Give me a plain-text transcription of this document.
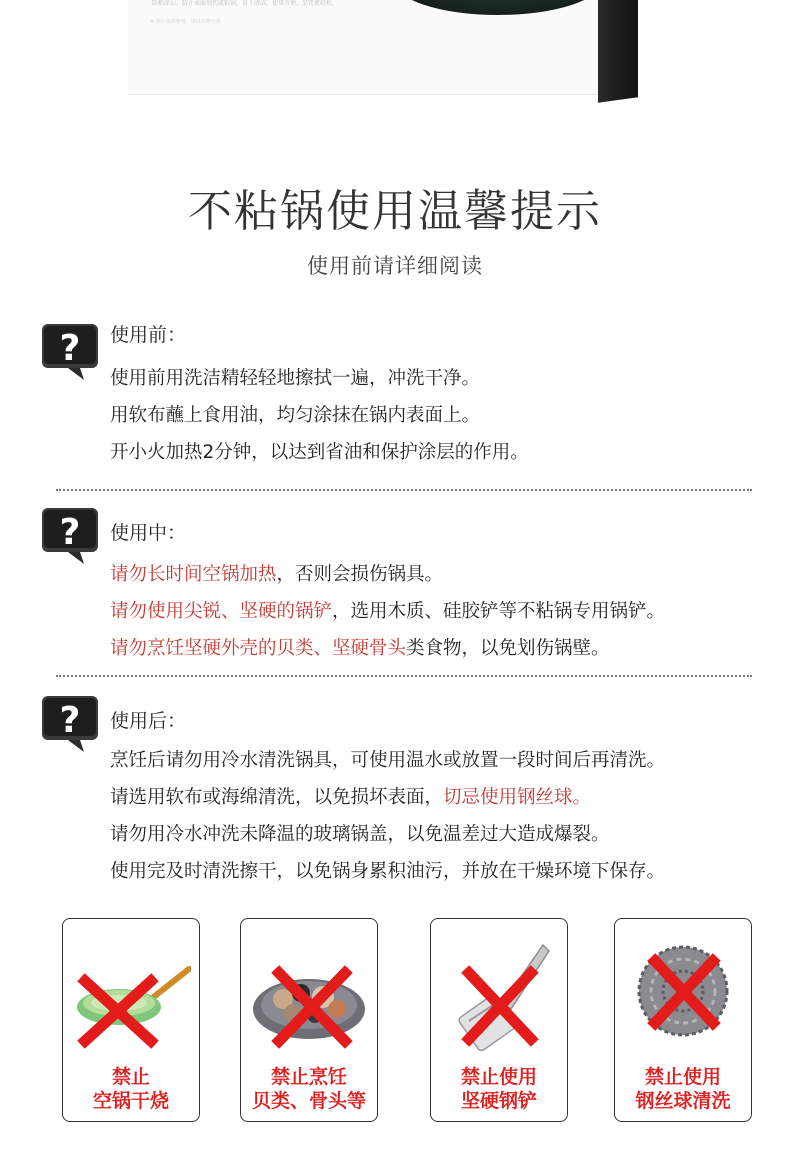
防粘涂层，防止表面划伤或粘锅，易于清洁，使用方便，烹饪更轻松。
※ 图片仅供参考，请以实物为准
不粘锅使用温馨提示
使用前请详细阅读
? 使用前：
使用前用洗洁精轻轻地擦拭一遍，冲洗干净。
用软布蘸上食用油，均匀涂抹在锅内表面上。
开小火加热2分钟，以达到省油和保护涂层的作用。
? 使用中：
请勿长时间空锅加热，否则会损伤锅具。
请勿使用尖锐、坚硬的锅铲，选用木质、硅胶铲等不粘锅专用锅铲。
请勿烹饪坚硬外壳的贝类、坚硬骨头类食物，以免划伤锅壁。
? 使用后：
烹饪后请勿用冷水清洗锅具，可使用温水或放置一段时间后再清洗。
请选用软布或海绵清洗，以免损坏表面，切忌使用钢丝球。
请勿用冷水冲洗未降温的玻璃锅盖，以免温差过大造成爆裂。
使用完及时清洗擦干，以免锅身累积油污，并放在干燥环境下保存。
禁止
空锅干烧
禁止烹饪
贝类、骨头等
禁止使用
坚硬钢铲
禁止使用
钢丝球清洗
